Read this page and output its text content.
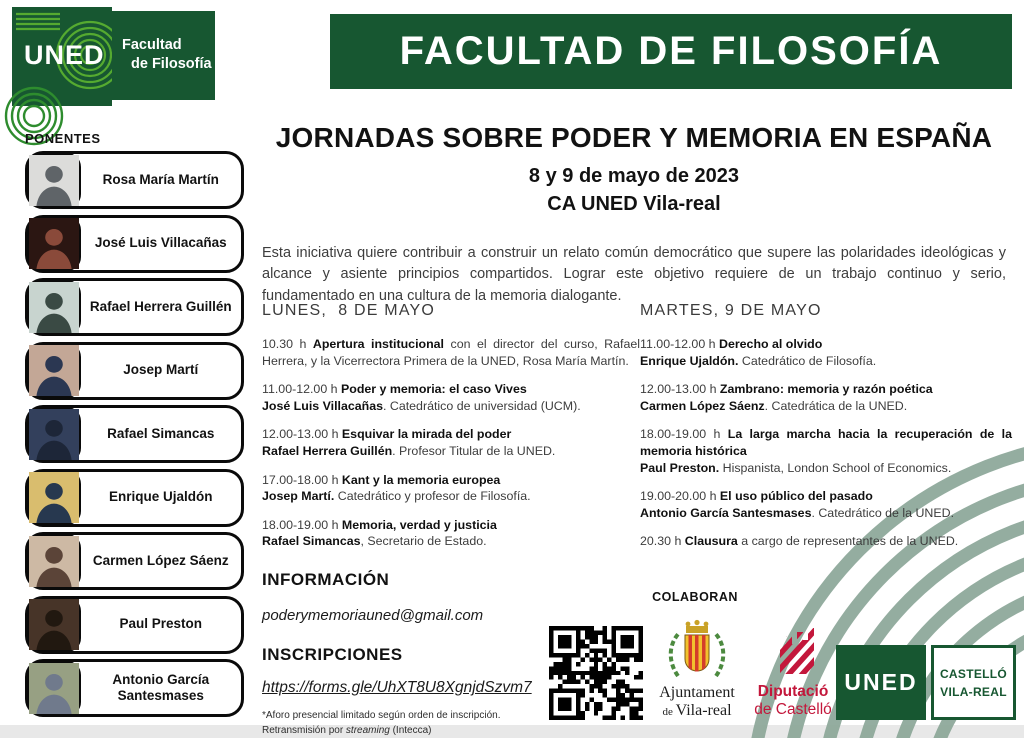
UNED Facultad
de Filosofía	FACULTAD DE FILOSOFÍA
PONENTES
Rosa María Martín
José Luis Villacañas
Rafael Herrera Guillén
Josep Martí
Rafael Simancas
Enrique Ujaldón
Carmen López Sáenz
Paul Preston
Antonio García Santesmases
JORNADAS SOBRE PODER Y MEMORIA EN ESPAÑA
8 y 9 de mayo de 2023
CA UNED Vila-real

Esta iniciativa quiere contribuir a construir un relato común democrático que supere las polaridades ideológicas y alcance y asiente principios compartidos. Lograr este objetivo requiere de un trabajo continuo y serio, fundamentado en una cultura de la memoria dialogante.

LUNES,  8 DE MAYO

10.30 h Apertura institucional con el director del curso, Rafael Herrera, y la Vicerrectora Primera de la UNED, Rosa María Martín.

11.00-12.00 h Poder y memoria: el caso Vives
José Luis Villacañas. Catedrático de universidad (UCM).

12.00-13.00 h Esquivar la mirada del poder
Rafael Herrera Guillén. Profesor Titular de la UNED.

17.00-18.00 h Kant y la memoria europea
Josep Martí. Catedrático y profesor de Filosofía.

18.00-19.00 h Memoria, verdad y justicia
Rafael Simancas, Secretario de Estado.

INFORMACIÓN
poderymemoriauned@gmail.com
INSCRIPCIONES
https://forms.gle/UhXT8U8XgnjdSzvm7
*Aforo presencial limitado según orden de inscripción.
Retransmisión por streaming (Intecca)
MARTES, 9 DE MAYO

11.00-12.00 h Derecho al olvido
Enrique Ujaldón. Catedrático de Filosofía.

12.00-13.00 h Zambrano: memoria y razón poética
Carmen López Sáenz. Catedrática de la UNED.

18.00-19.00 h La larga marcha hacia la recuperación de la memoria histórica
Paul Preston. Hispanista, London School of Economics.

19.00-20.00 h El uso público del pasado
Antonio García Santesmases. Catedrático de la UNED.

20.30 h Clausura a cargo de representantes de la UNED.

COLABORAN
Ajuntament
de Vila-real
Diputació
de Castelló
UNED CASTELLÓ
VILA-REAL
